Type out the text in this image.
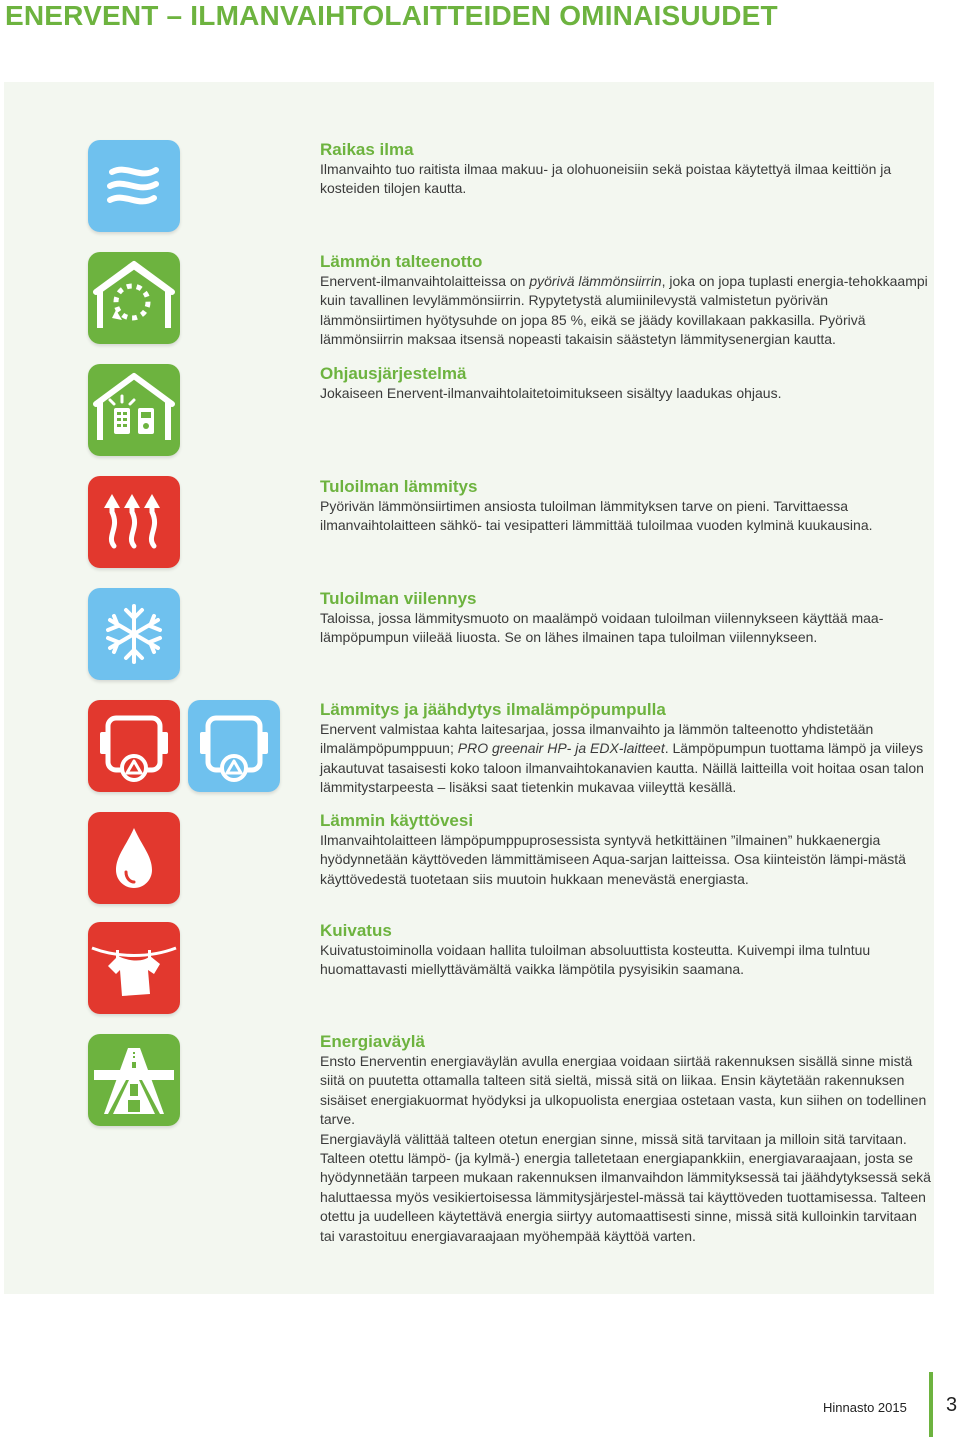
ENERVENT – ILMANVAIHTOLAITTEIDEN OMINAISUUDET
Raikas ilma

Ilmanvaihto tuo raitista ilmaa makuu- ja olohuoneisiin sekä poistaa käytettyä ilmaa keittiön ja kosteiden tilojen kautta.

Lämmön talteenotto

Enervent-ilmanvaihtolaitteissa on pyörivä lämmönsiirrin, joka on jopa tuplasti energia-tehokkaampi kuin tavallinen levylämmönsiirrin. Rypytetystä alumiinilevystä valmistetun pyörivän lämmönsiirtimen hyötysuhde on jopa 85 %, eikä se jäädy kovillakaan pakkasilla. Pyörivä lämmönsiirrin maksaa itsensä nopeasti takaisin säästetyn lämmitysenergian kautta.

Ohjausjärjestelmä

Jokaiseen Enervent-ilmanvaihtolaitetoimitukseen sisältyy laadukas ohjaus.

Tuloilman lämmitys

Pyörivän lämmönsiirtimen ansiosta tuloilman lämmityksen tarve on pieni. Tarvittaessa ilmanvaihtolaitteen sähkö- tai vesipatteri lämmittää tuloilmaa vuoden kylminä kuukausina.

Tuloilman viilennys

Taloissa, jossa lämmitysmuoto on maalämpö voidaan tuloilman viilennykseen käyttää maa-lämpöpumpun viileää liuosta. Se on lähes ilmainen tapa tuloilman viilennykseen.

Lämmitys ja jäähdytys ilmalämpöpumpulla

Enervent valmistaa kahta laitesarjaa, jossa ilmanvaihto ja lämmön talteenotto yhdistetään ilmalämpöpumppuun; PRO greenair HP- ja EDX-laitteet. Lämpöpumpun tuottama lämpö ja viileys jakautuvat tasaisesti koko taloon ilmanvaihtokanavien kautta. Näillä laitteilla voit hoitaa osan talon lämmitystarpeesta – lisäksi saat tietenkin mukavaa viileyttä kesällä.

Lämmin käyttövesi

Ilmanvaihtolaitteen lämpöpumppuprosessista syntyvä hetkittäinen ”ilmainen” hukkaenergia hyödynnetään käyttöveden lämmittämiseen Aqua-sarjan laitteissa. Osa kiinteistön lämpi-mästä käyttövedestä tuotetaan siis muutoin hukkaan menevästä energiasta.

Kuivatus

Kuivatustoiminolla voidaan hallita tuloilman absoluuttista kosteutta. Kuivempi ilma tulntuu huomattavasti miellyttävämältä vaikka lämpötila pysyisikin saamana.

Energiaväylä

Ensto Enerventin energiaväylän avulla energiaa voidaan siirtää rakennuksen sisällä sinne mistä siitä on puutetta ottamalla talteen sitä sieltä, missä sitä on liikaa. Ensin käytetään rakennuksen sisäiset energiakuormat hyödyksi ja ulkopuolista energiaa ostetaan vasta, kun siihen on todellinen tarve.

Energiaväylä välittää talteen otetun energian sinne, missä sitä tarvitaan ja milloin sitä tarvitaan. Talteen otettu lämpö- (ja kylmä-) energia talletetaan energiapankkiin, energiavaraajaan, josta se hyödynnetään tarpeen mukaan rakennuksen ilmanvaihdon lämmityksessä tai jäähdytyksessä sekä haluttaessa myös vesikiertoisessa lämmitysjärjestel-mässä tai käyttöveden tuottamisessa. Talteen otettu ja uudelleen käytettävä energia siirtyy automaattisesti sinne, missä sitä kulloinkin tarvitaan tai varastoituu energiavaraajaan myöhempää käyttöä varten.

Hinnasto 2015 3
